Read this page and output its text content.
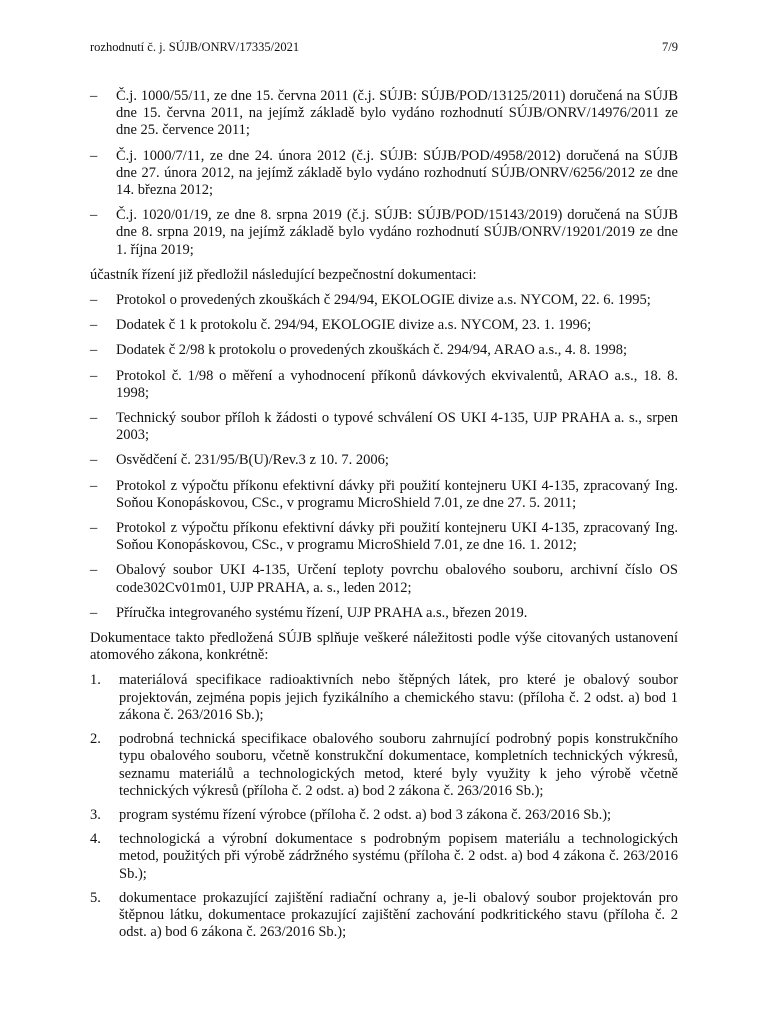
rozhodnutí č. j. SÚJB/ONRV/17335/2021	7/9
– Č.j. 1000/55/11, ze dne 15. června 2011 (č.j. SÚJB: SÚJB/POD/13125/2011) doručená na SÚJB dne 15. června 2011, na jejímž základě bylo vydáno rozhodnutí SÚJB/ONRV/14976/2011 ze dne 25. července 2011;
– Č.j. 1000/7/11, ze dne 24. února 2012 (č.j. SÚJB: SÚJB/POD/4958/2012) doručená na SÚJB dne 27. února 2012, na jejímž základě bylo vydáno rozhodnutí SÚJB/ONRV/6256/2012 ze dne 14. března 2012;
– Č.j. 1020/01/19, ze dne 8. srpna 2019 (č.j. SÚJB: SÚJB/POD/15143/2019) doručená na SÚJB dne 8. srpna 2019, na jejímž základě bylo vydáno rozhodnutí SÚJB/ONRV/19201/2019 ze dne 1. října 2019;

účastník řízení již předložil následující bezpečnostní dokumentaci:

– Protokol o provedených zkouškách č 294/94, EKOLOGIE divize a.s. NYCOM, 22. 6. 1995;
– Dodatek č 1 k protokolu č. 294/94, EKOLOGIE divize a.s. NYCOM, 23. 1. 1996;
– Dodatek č 2/98 k protokolu o provedených zkouškách č. 294/94, ARAO a.s., 4. 8. 1998;
– Protokol č. 1/98 o měření a vyhodnocení příkonů dávkových ekvivalentů, ARAO a.s., 18. 8. 1998;
– Technický soubor příloh k žádosti o typové schválení OS UKI 4-135, UJP PRAHA a. s., srpen 2003;
– Osvědčení č. 231/95/B(U)/Rev.3 z 10. 7. 2006;
– Protokol z výpočtu příkonu efektivní dávky při použití kontejneru UKI 4-135, zpracovaný Ing. Soňou Konopáskovou, CSc., v programu MicroShield 7.01, ze dne 27. 5. 2011;
– Protokol z výpočtu příkonu efektivní dávky při použití kontejneru UKI 4-135, zpracovaný Ing. Soňou Konopáskovou, CSc., v programu MicroShield 7.01, ze dne 16. 1. 2012;
– Obalový soubor UKI 4-135, Určení teploty povrchu obalového souboru, archivní číslo OS code302Cv01m01, UJP PRAHA, a. s., leden 2012;
– Příručka integrovaného systému řízení, UJP PRAHA a.s., březen 2019.

Dokumentace takto předložená SÚJB splňuje veškeré náležitosti podle výše citovaných ustanovení atomového zákona, konkrétně:

1. materiálová specifikace radioaktivních nebo štěpných látek, pro které je obalový soubor projektován, zejména popis jejich fyzikálního a chemického stavu: (příloha č. 2 odst. a) bod 1 zákona č. 263/2016 Sb.);
2. podrobná technická specifikace obalového souboru zahrnující podrobný popis konstrukčního typu obalového souboru, včetně konstrukční dokumentace, kompletních technických výkresů, seznamu materiálů a technologických metod, které byly využity k jeho výrobě včetně technických výkresů (příloha č. 2 odst. a) bod 2 zákona č. 263/2016 Sb.);
3. program systému řízení výrobce (příloha č. 2 odst. a) bod 3 zákona č. 263/2016 Sb.);
4. technologická a výrobní dokumentace s podrobným popisem materiálu a technologických metod, použitých při výrobě zádržného systému (příloha č. 2 odst. a) bod 4 zákona č. 263/2016 Sb.);
5. dokumentace prokazující zajištění radiační ochrany a, je-li obalový soubor projektován pro štěpnou látku, dokumentace prokazující zajištění zachování podkritického stavu (příloha č. 2 odst. a) bod 6 zákona č. 263/2016 Sb.);
